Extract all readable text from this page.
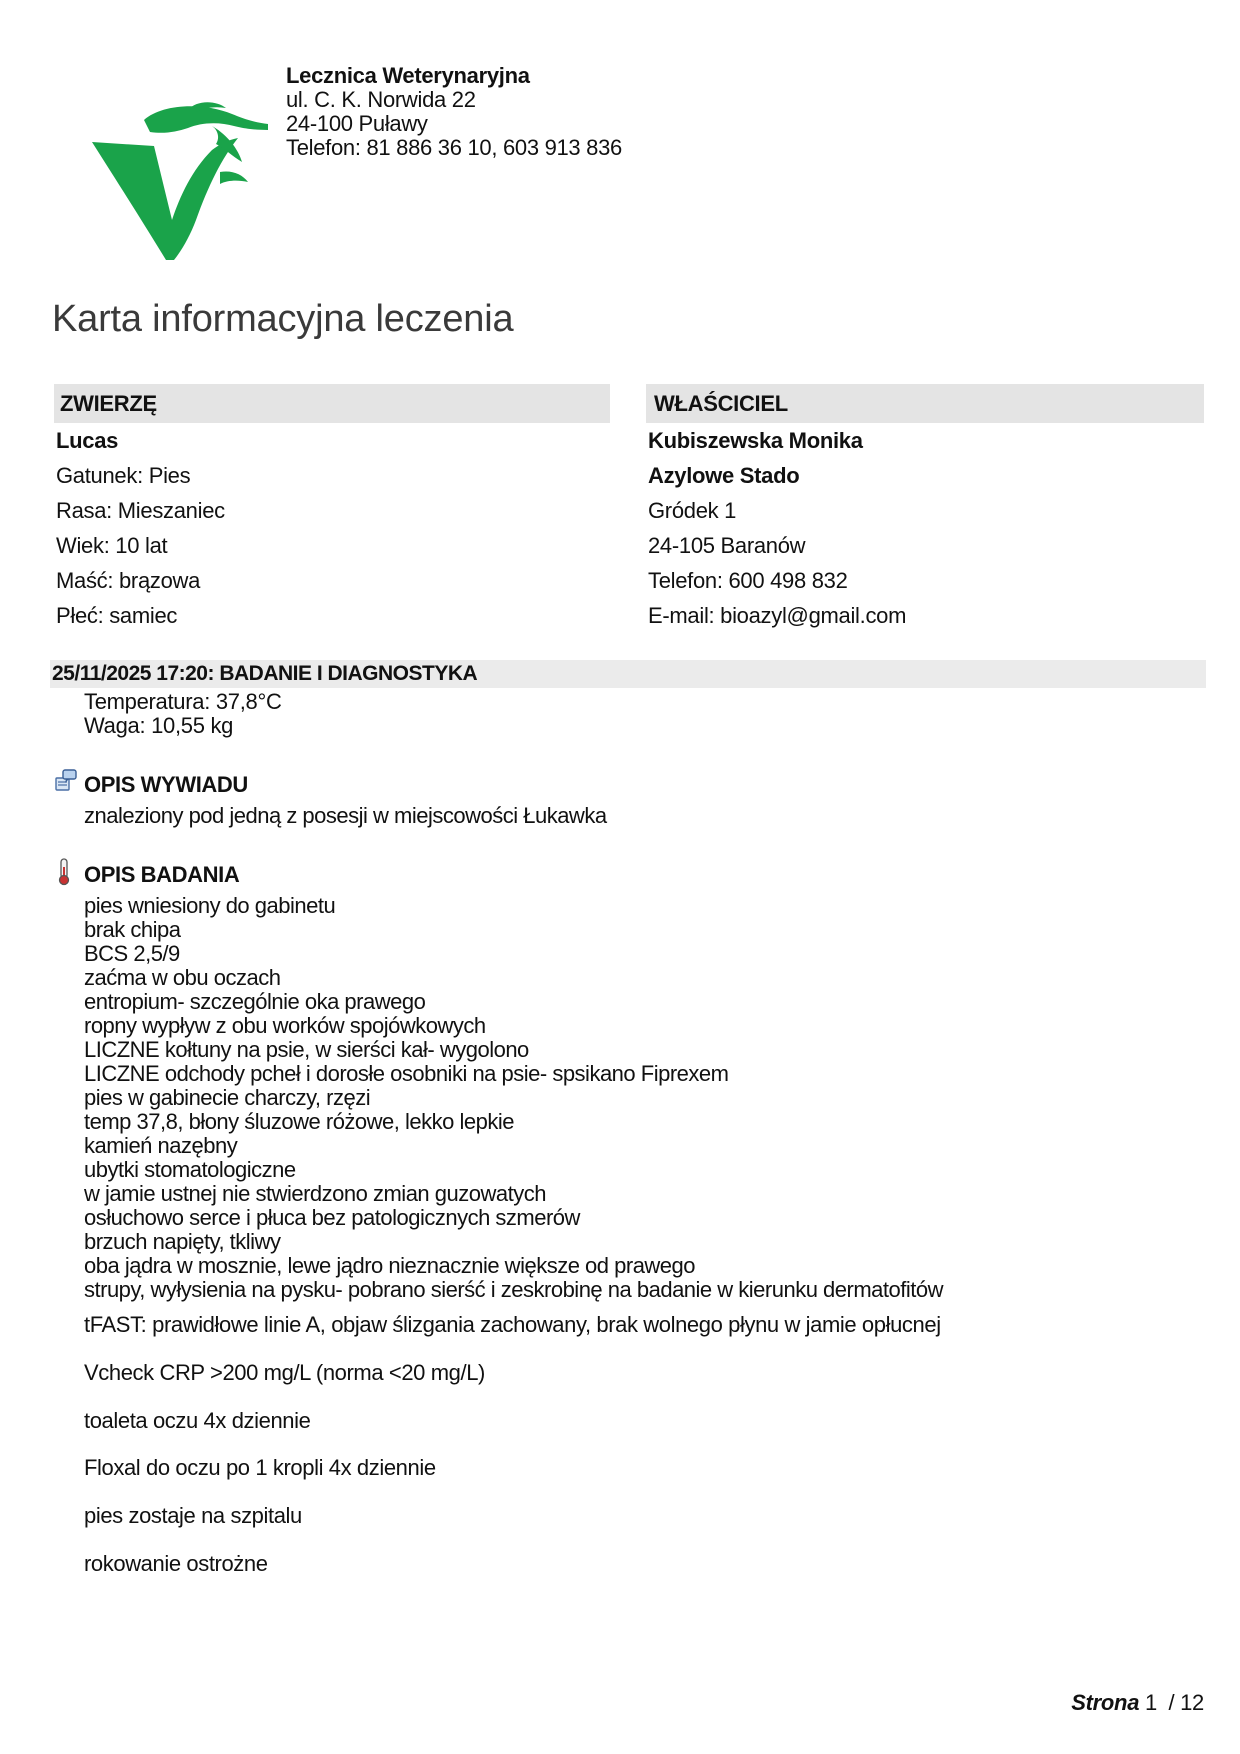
Lecznica Weterynaryjna
ul. C. K. Norwida 22
24-100 Puławy
Telefon: 81 886 36 10, 603 913 836
Karta informacyjna leczenia
ZWIERZĘ	WŁAŚCICIEL
Lucas
Gatunek: Pies
Rasa: Mieszaniec
Wiek: 10 lat
Maść: brązowa
Płeć: samiec
Kubiszewska Monika
Azylowe Stado
Gródek 1
24-105 Baranów
Telefon: 600 498 832
E-mail: bioazyl@gmail.com
25/11/2025 17:20: BADANIE I DIAGNOSTYKA
Temperatura: 37,8°C
Waga: 10,55 kg
OPIS WYWIADU
znaleziony pod jedną z posesji w miejscowości Łukawka
OPIS BADANIA
pies wniesiony do gabinetu
brak chipa
BCS 2,5/9
zaćma w obu oczach
entropium- szczególnie oka prawego
ropny wypływ z obu worków spojówkowych
LICZNE kołtuny na psie, w sierści kał- wygolono
LICZNE odchody pcheł i dorosłe osobniki na psie- spsikano Fiprexem
pies w gabinecie charczy, rzęzi
temp 37,8, błony śluzowe różowe, lekko lepkie
kamień nazębny
ubytki stomatologiczne
w jamie ustnej nie stwierdzono zmian guzowatych
osłuchowo serce i płuca bez patologicznych szmerów
brzuch napięty, tkliwy
oba jądra w mosznie, lewe jądro nieznacznie większe od prawego
strupy, wyłysienia na pysku- pobrano sierść i zeskrobinę na badanie w kierunku dermatofitów
tFAST: prawidłowe linie A, objaw ślizgania zachowany, brak wolnego płynu w jamie opłucnej
Vcheck CRP >200 mg/L (norma <20 mg/L)
toaleta oczu 4x dziennie
Floxal do oczu po 1 kropli 4x dziennie
pies zostaje na szpitalu
rokowanie ostrożne
Strona 1 / 12
